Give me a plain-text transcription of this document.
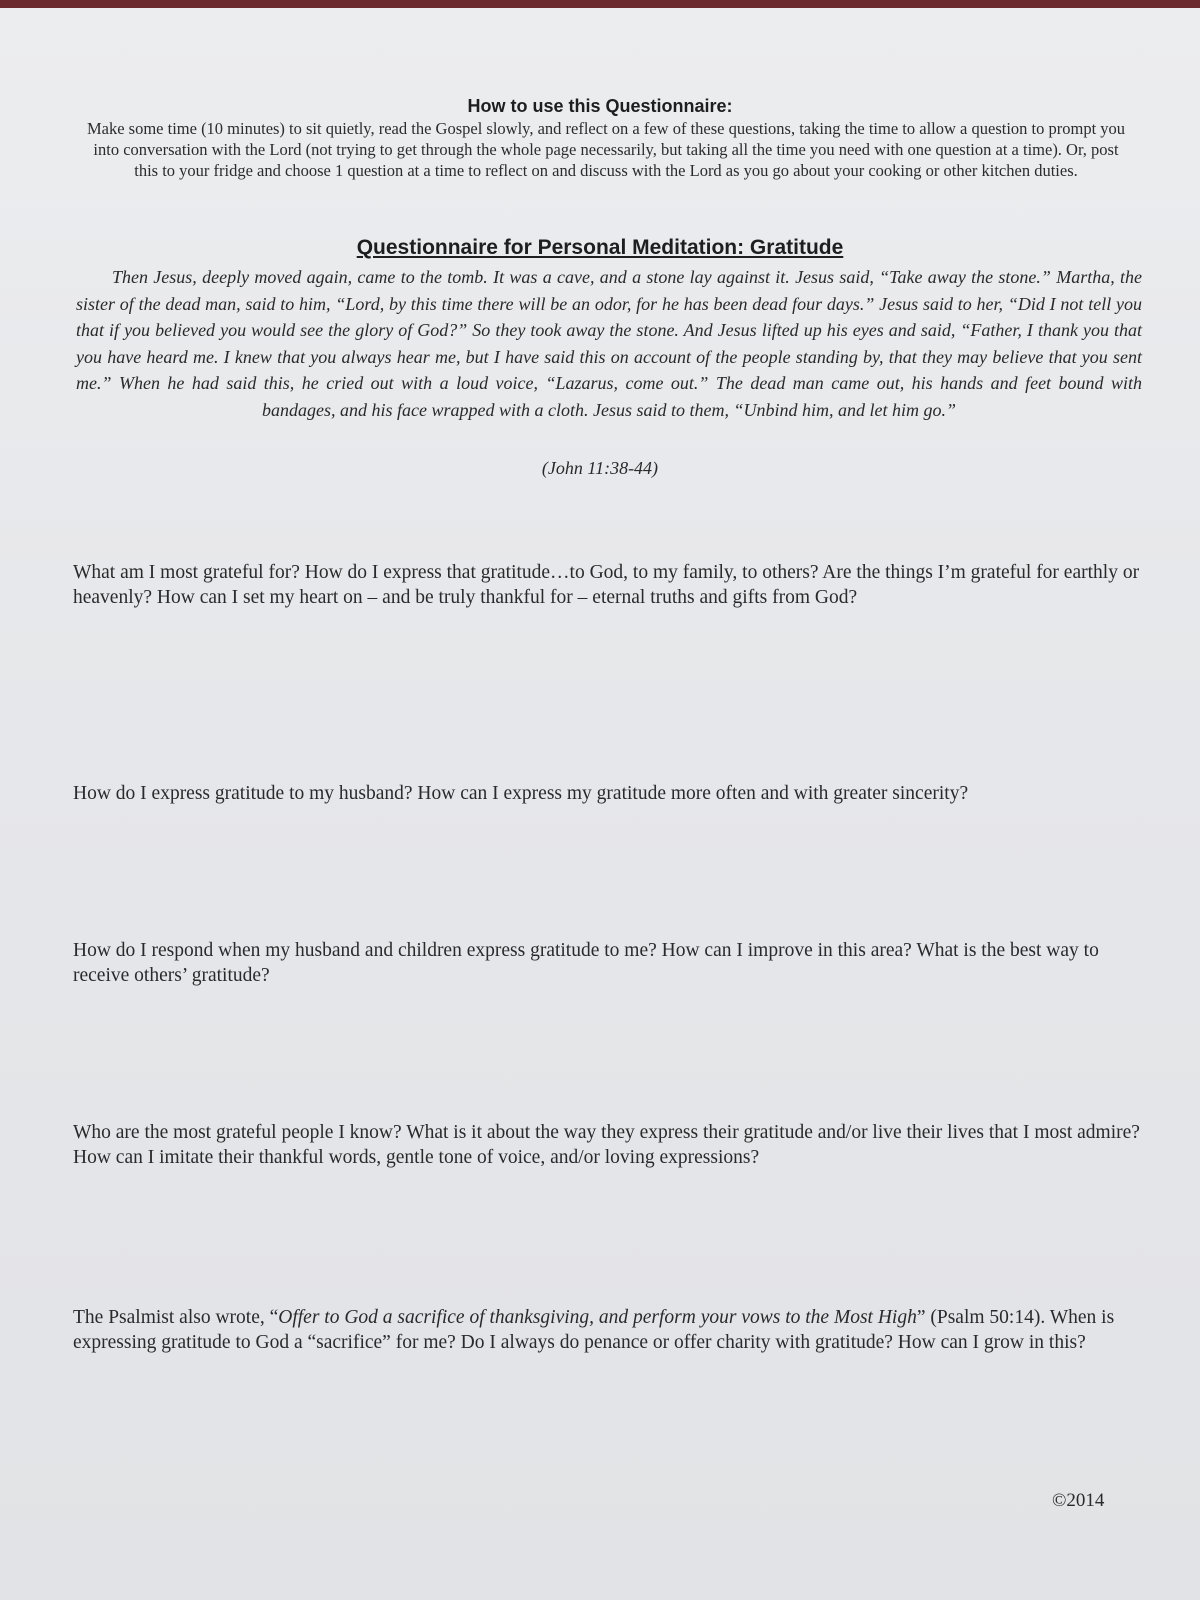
How to use this Questionnaire:
Make some time (10 minutes) to sit quietly, read the Gospel slowly, and reflect on a few of these questions, taking the time to allow a question to prompt you into conversation with the Lord (not trying to get through the whole page necessarily, but taking all the time you need with one question at a time). Or, post this to your fridge and choose 1 question at a time to reflect on and discuss with the Lord as you go about your cooking or other kitchen duties.
Questionnaire for Personal Meditation: Gratitude
Then Jesus, deeply moved again, came to the tomb. It was a cave, and a stone lay against it. Jesus said, “Take away the stone.” Martha, the sister of the dead man, said to him, “Lord, by this time there will be an odor, for he has been dead four days.” Jesus said to her, “Did I not tell you that if you believed you would see the glory of God?” So they took away the stone. And Jesus lifted up his eyes and said, “Father, I thank you that you have heard me. I knew that you always hear me, but I have said this on account of the people standing by, that they may believe that you sent me.” When he had said this, he cried out with a loud voice, “Lazarus, come out.” The dead man came out, his hands and feet bound with bandages, and his face wrapped with a cloth. Jesus said to them, “Unbind him, and let him go.”
(John 11:38-44)
What am I most grateful for? How do I express that gratitude…to God, to my family, to others? Are the things I’m grateful for earthly or heavenly? How can I set my heart on – and be truly thankful for – eternal truths and gifts from God?
How do I express gratitude to my husband? How can I express my gratitude more often and with greater sincerity?
How do I respond when my husband and children express gratitude to me? How can I improve in this area? What is the best way to receive others’ gratitude?
Who are the most grateful people I know? What is it about the way they express their gratitude and/or live their lives that I most admire? How can I imitate their thankful words, gentle tone of voice, and/or loving expressions?
The Psalmist also wrote, “Offer to God a sacrifice of thanksgiving, and perform your vows to the Most High” (Psalm 50:14). When is expressing gratitude to God a “sacrifice” for me? Do I always do penance or offer charity with gratitude? How can I grow in this?
©2014
